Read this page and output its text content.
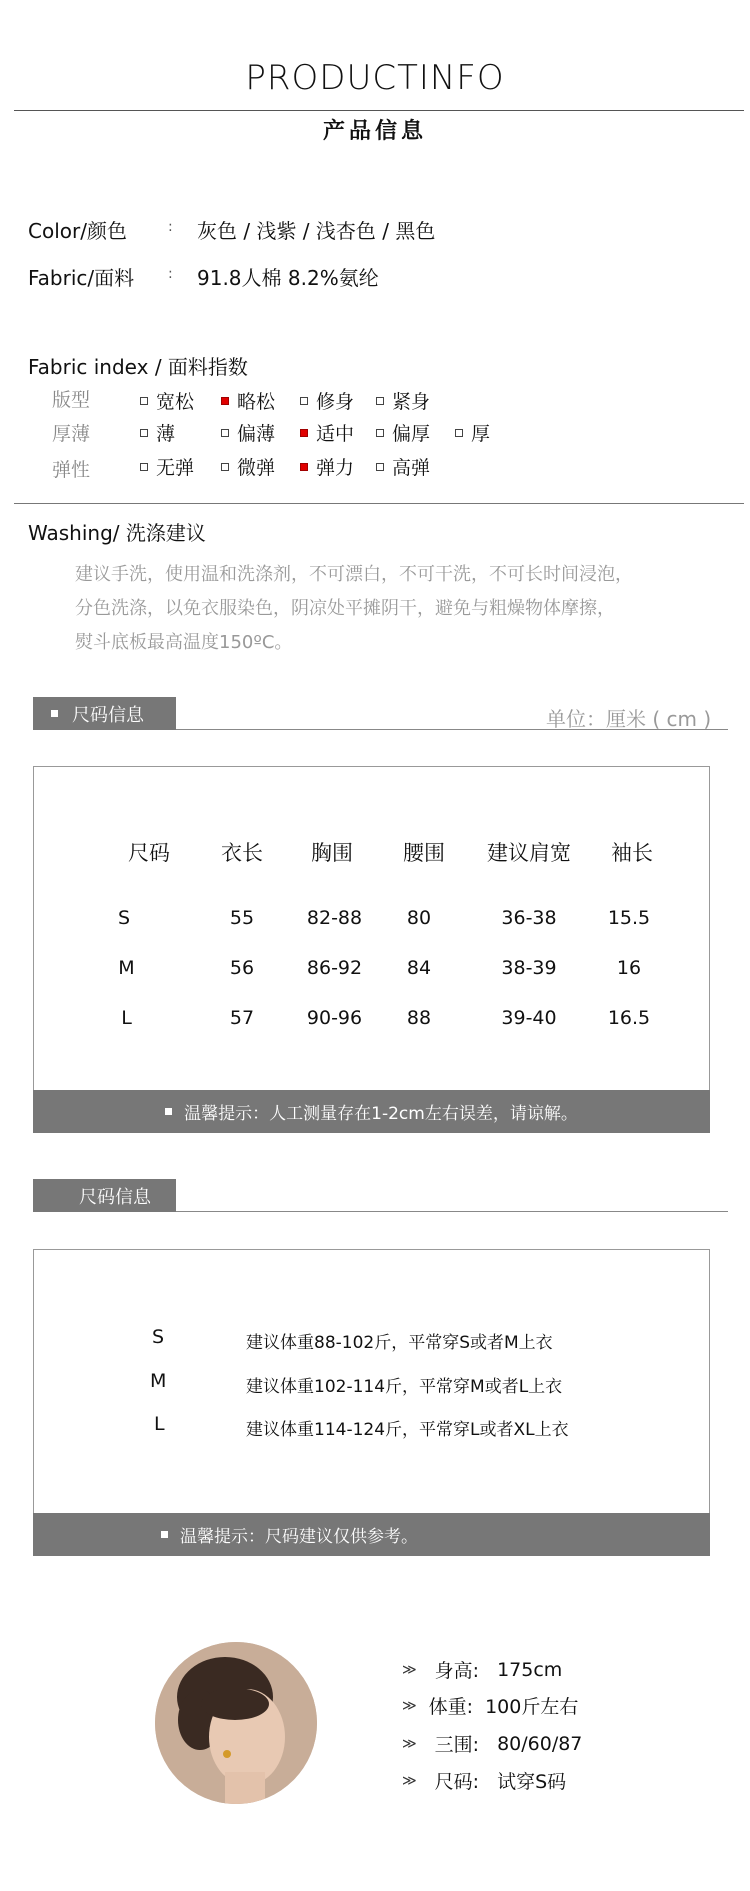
PRODUCTINFO
产品信息
Color/颜色	: 灰色 / 浅紫 / 浅杏色 / 黑色
Fabric/面料 : 91.8人棉 8.2%氨纶
Fabric index / 面料指数
版型	宽松 略松 修身 紧身
厚薄	薄	偏薄 适中 偏厚 厚
弹性	无弹 微弹 弹力 高弹
Washing/ 洗涤建议
建议手洗，使用温和洗涤剂，不可漂白，不可干洗，不可长时间浸泡，
分色洗涤，以免衣服染色，阴凉处平摊阴干，避免与粗燥物体摩擦，
熨斗底板最高温度150ºC。
尺码信息	单位：厘米 ( cm )
尺码	衣长	胸围	腰围	建议肩宽	袖长
S	55	82-88	80	36-38	15.5
M	56	86-92	84	38-39	16
L	57	90-96	88	39-40	16.5
温馨提示：人工测量存在1-2cm左右误差，请谅解。
尺码信息
S	建议体重88-102斤，平常穿S或者M上衣
M	建议体重102-114斤，平常穿M或者L上衣
L	建议体重114-124斤，平常穿L或者XL上衣
温馨提示：尺码建议仅供参考。
≫ 身高: 175cm
≫ 体重: 100斤左右
≫ 三围: 80/60/87
≫ 尺码: 试穿S码
